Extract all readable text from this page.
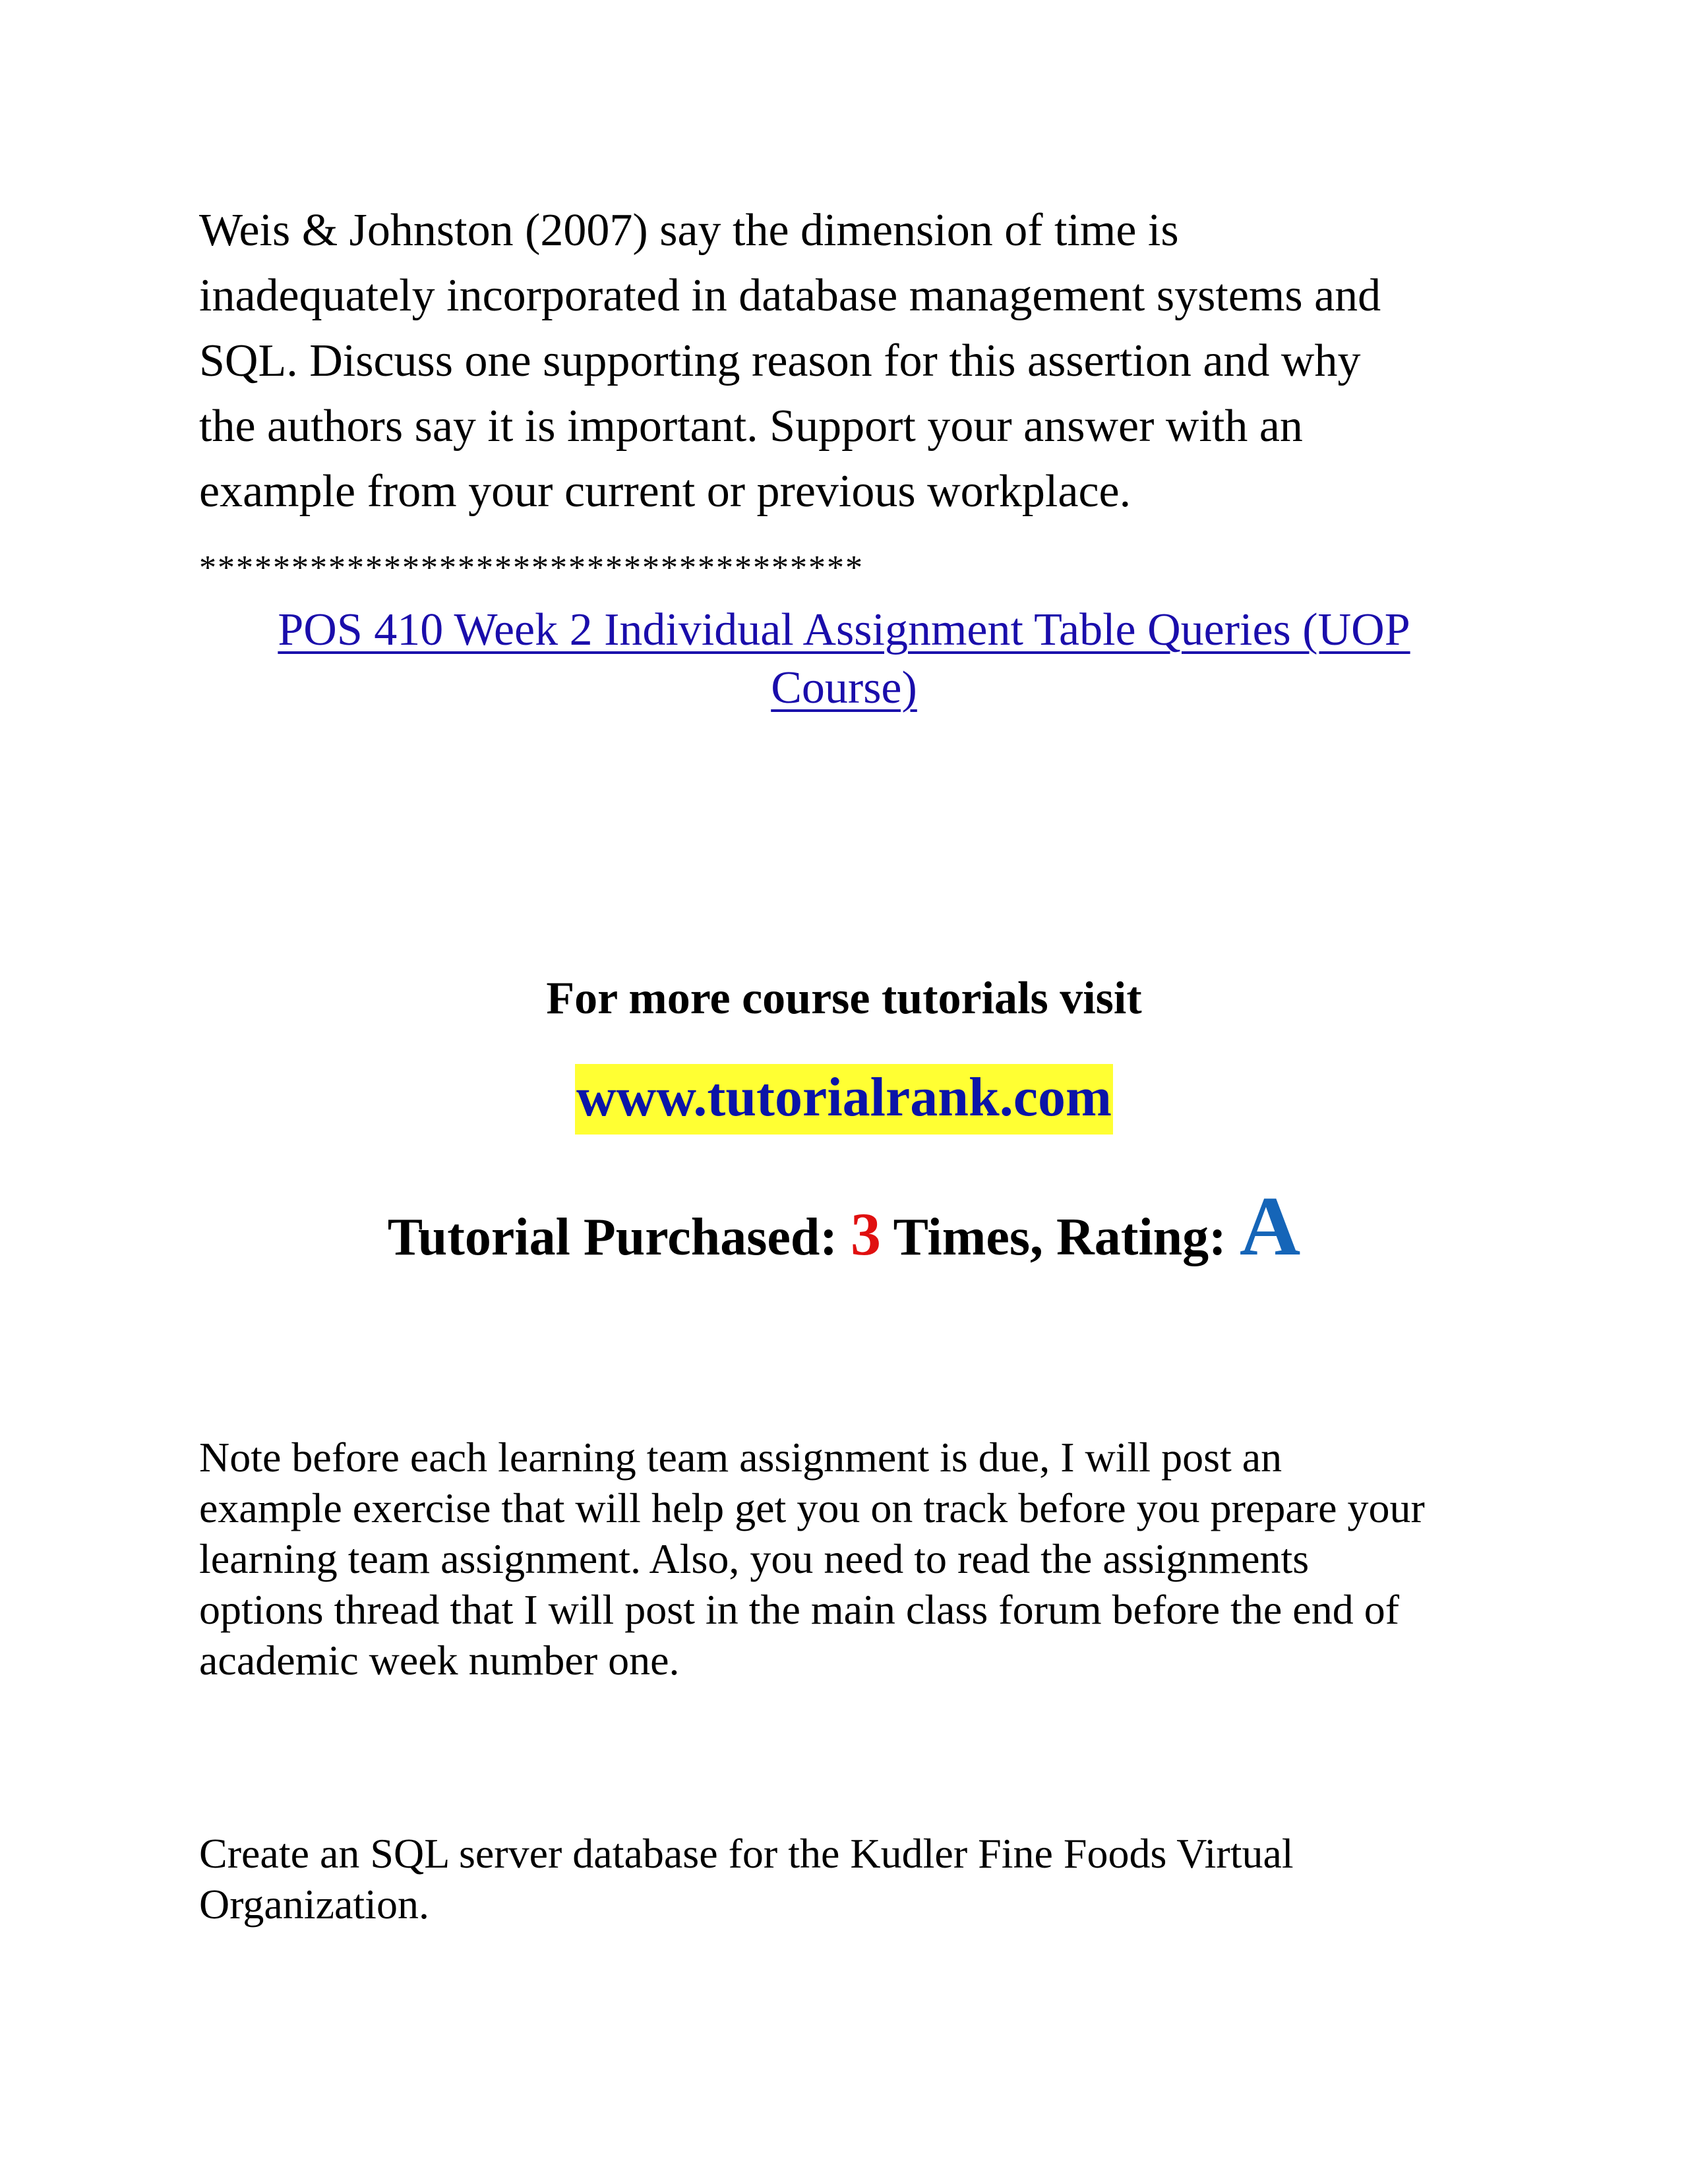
Weis & Johnston (2007) say the dimension of time is
inadequately incorporated in database management systems and
SQL. Discuss one supporting reason for this assertion and why
the authors say it is important. Support your answer with an
example from your current or previous workplace.

************************************

POS 410 Week 2 Individual Assignment Table Queries (UOP
Course)

For more course tutorials visit

www.tutorialrank.com

Tutorial Purchased: 3 Times, Rating: A

Note before each learning team assignment is due, I will post an
example exercise that will help get you on track before you prepare your
learning team assignment. Also, you need to read the assignments
options thread that I will post in the main class forum before the end of
academic week number one.

Create an SQL server database for the Kudler Fine Foods Virtual
Organization.
